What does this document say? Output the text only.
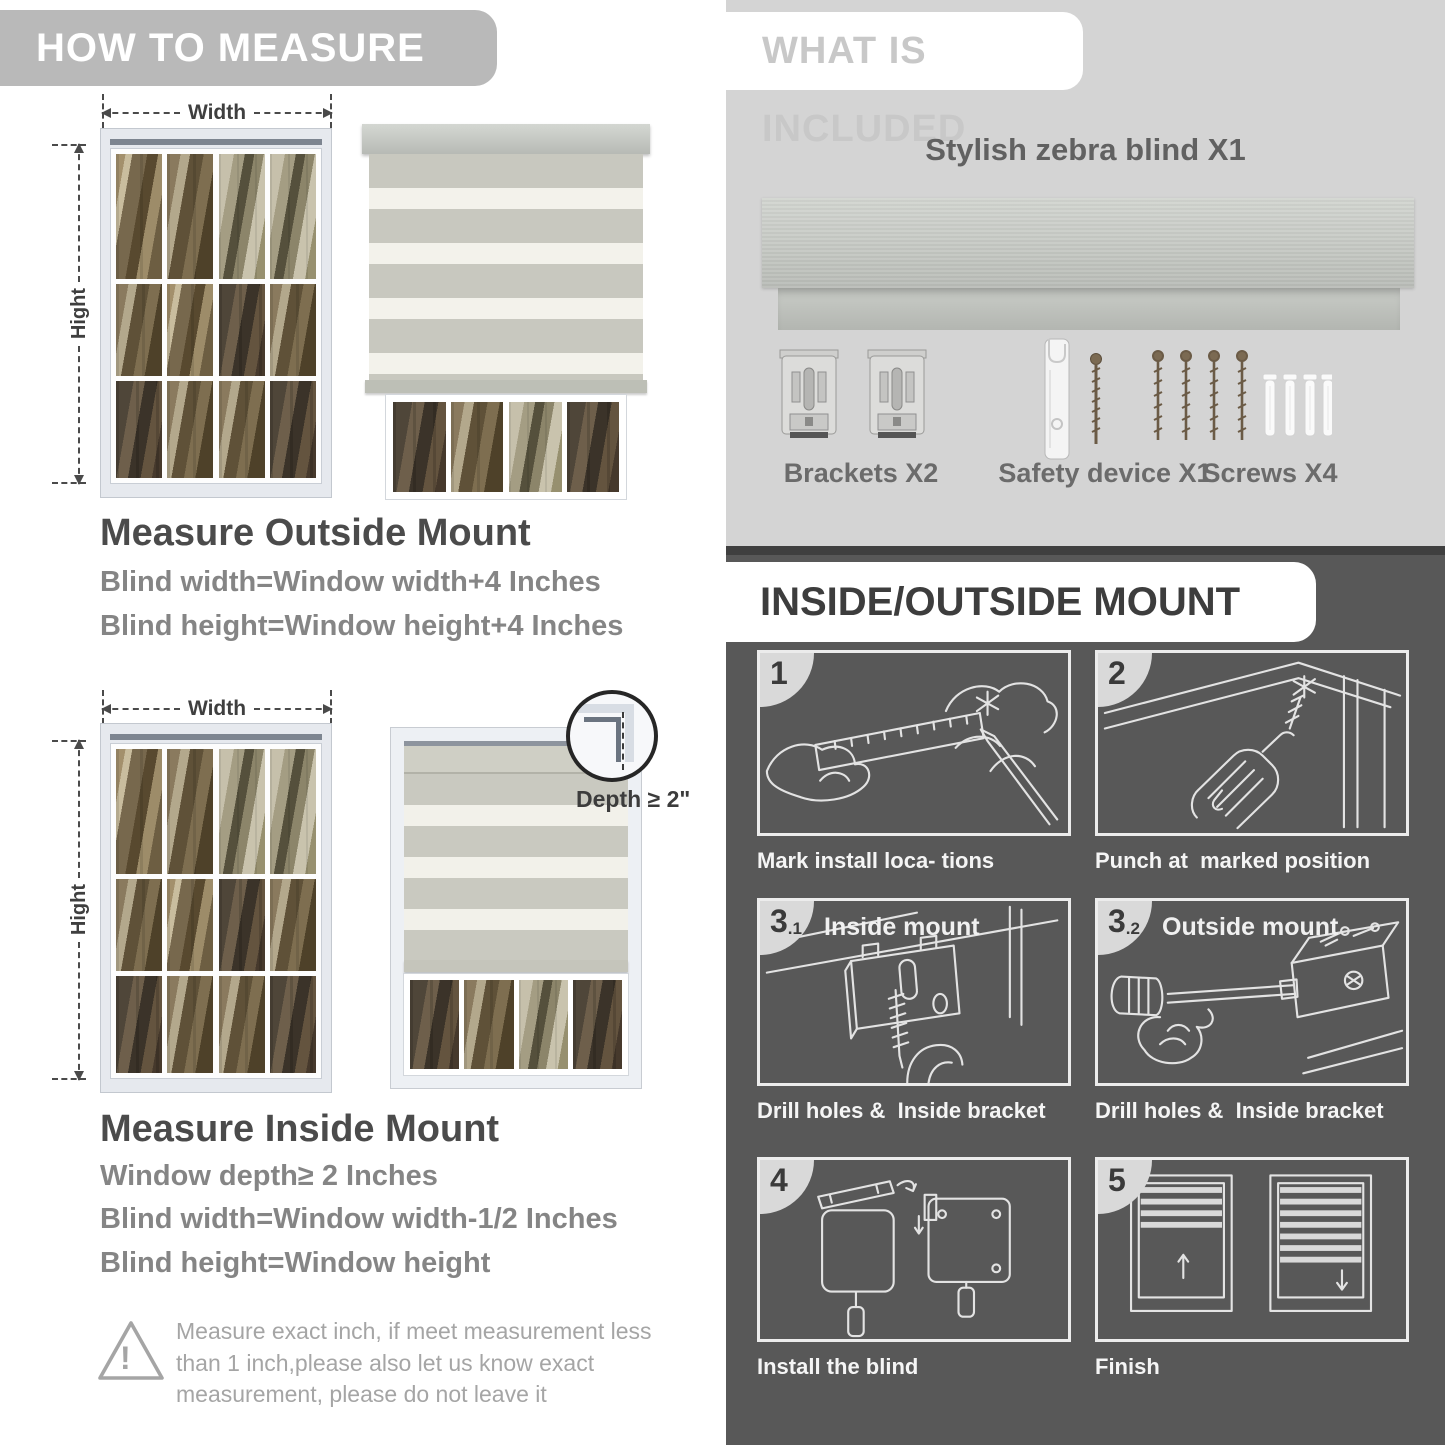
HOW TO MEASURE
Width
Hight
Measure Outside Mount
Blind width=Window width+4 Inches
Blind height=Window height+4 Inches
Width
Hight
Depth ≥ 2"
Measure Inside Mount
Window depth≥ 2 Inches
Blind width=Window width-1/2 Inches
Blind height=Window height
!
Measure exact inch, if meet measurement less than 1 inch,please also let us know exact measurement, please do not leave it
WHAT IS INCLUDED
Stylish zebra blind X1
Brackets X2	Safety device X1
Screws X4
INSIDE/OUTSIDE MOUNT
1
Mark install loca- tions
2
Punch at  marked position
3.1 Inside mount
Drill holes &  Inside bracket
3.2 Outside mount
Drill holes &  Inside bracket
4
Install the blind
5
Finish
